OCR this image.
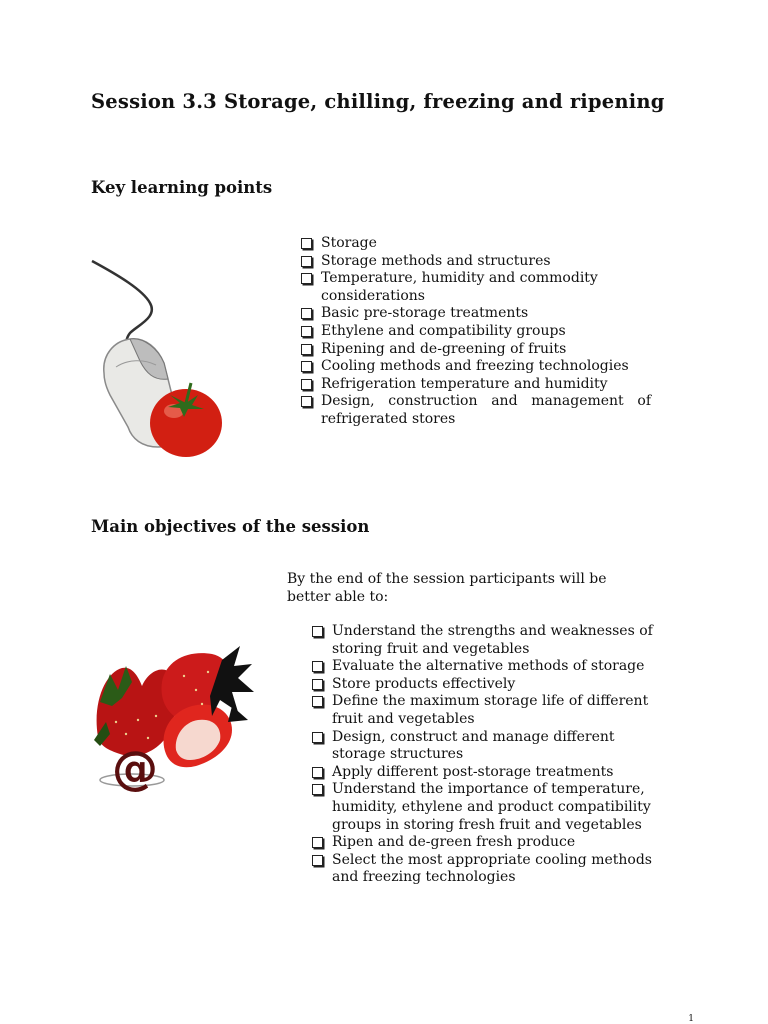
Session 3.3 Storage, chilling, freezing and ripening
Key learning points
Storage
Storage methods and structures
Temperature, humidity and commodity considerations
Basic pre-storage treatments
Ethylene and compatibility groups
Ripening and de-greening of fruits
Cooling methods and freezing technologies
Refrigeration temperature and humidity
Design, construction and management of refrigerated stores
Main objectives of the session
By the end of the session participants will be better able to:
@
Understand the strengths and weaknesses of storing fruit and vegetables
Evaluate the alternative methods of storage
Store products effectively
Define the maximum storage life of different fruit and vegetables
Design, construct and manage different storage structures
Apply different post-storage treatments
Understand the importance of temperature, humidity, ethylene and product compatibility groups in storing fresh fruit and vegetables
Ripen and de-green fresh produce
Select the most appropriate cooling methods and freezing technologies
1
